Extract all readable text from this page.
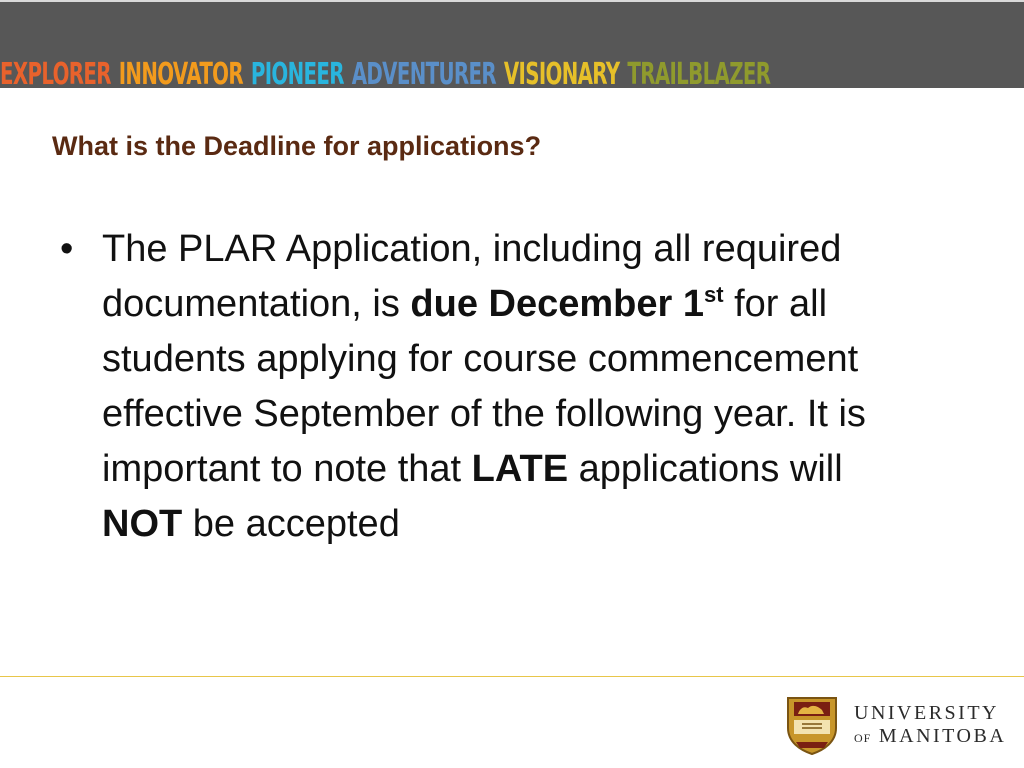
EXPLORER INNOVATOR PIONEER ADVENTURER VISIONARY TRAILBLAZER
What is the Deadline for applications?
• The PLAR Application, including all required documentation, is due December 1st for all students applying for course commencement effective September of the following year. It is important to note that LATE applications will NOT be accepted
UNIVERSITY
OF MANITOBA
